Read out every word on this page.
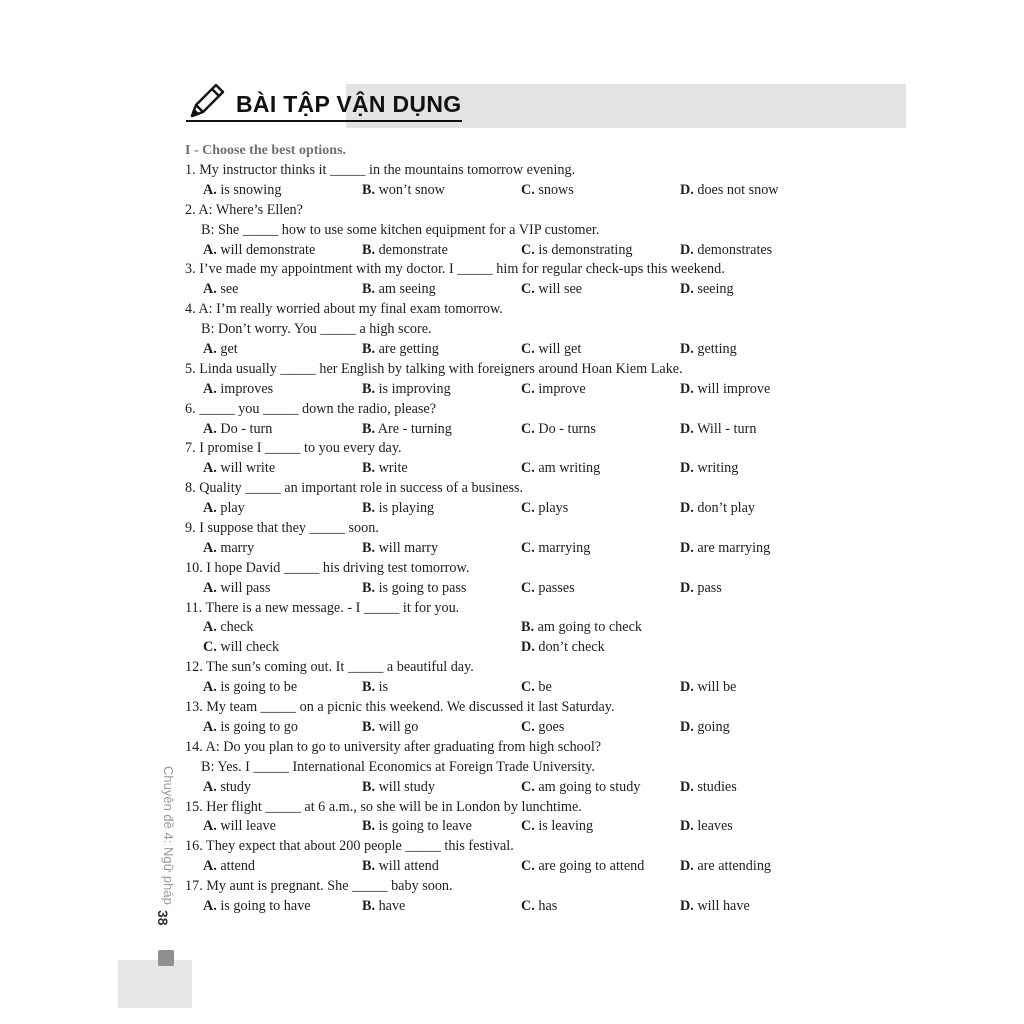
BÀI TẬP VẬN DỤNG
I - Choose the best options.
1. My instructor thinks it _____ in the mountains tomorrow evening.
A. is snowing	B. won’t snow	C. snows	D. does not snow
2. A: Where’s Ellen?
B: She _____ how to use some kitchen equipment for a VIP customer.
A. will demonstrate	B. demonstrate	C. is demonstrating	D. demonstrates
3. I’ve made my appointment with my doctor. I _____ him for regular check-ups this weekend.
A. see	B. am seeing	C. will see	D. seeing
4. A: I’m really worried about my final exam tomorrow.
B: Don’t worry. You _____ a high score.
A. get	B. are getting	C. will get	D. getting
5. Linda usually _____ her English by talking with foreigners around Hoan Kiem Lake.
A. improves	B. is improving	C. improve	D. will improve
6. _____ you _____ down the radio, please?
A. Do - turn	B. Are - turning	C. Do - turns	D. Will - turn
7. I promise I _____ to you every day.
A. will write	B. write	C. am writing	D. writing
8. Quality _____ an important role in success of a business.
A. play	B. is playing	C. plays	D. don’t play
9. I suppose that they _____ soon.
A. marry	B. will marry	C. marrying	D. are marrying
10. I hope David _____ his driving test tomorrow.
A. will pass	B. is going to pass	C. passes	D. pass
11. There is a new message. - I _____ it for you.
A. check	B. am going to check
C. will check	D. don’t check
12. The sun’s coming out. It _____ a beautiful day.
A. is going to be	B. is	C. be	D. will be
13. My team _____ on a picnic this weekend. We discussed it last Saturday.
A. is going to go	B. will go	C. goes	D. going
14. A: Do you plan to go to university after graduating from high school?
B: Yes. I _____ International Economics at Foreign Trade University.
A. study	B. will study	C. am going to study	D. studies
15. Her flight _____ at 6 a.m., so she will be in London by lunchtime.
A. will leave	B. is going to leave	C. is leaving	D. leaves
16. They expect that about 200 people _____ this festival.
A. attend	B. will attend	C. are going to attend	D. are attending
17. My aunt is pregnant. She _____ baby soon.
A. is going to have	B. have	C. has	D. will have
Chuyên đề 4: Ngữ pháp
38
